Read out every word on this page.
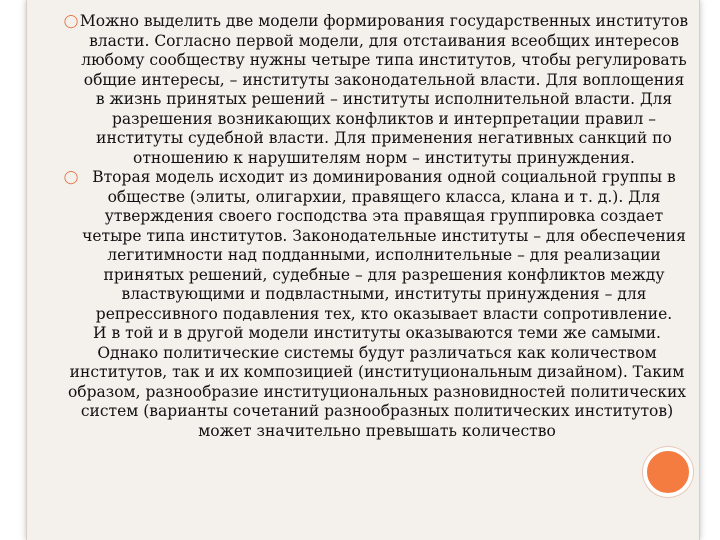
◯ Можно выделить две модели формирования государственных институтов власти. Согласно первой модели, для отстаивания всеобщих интересов любому сообществу нужны четыре типа институтов, чтобы регулировать общие интересы, – институты законодательной власти. Для воплощения в жизнь принятых решений – институты исполнительной власти. Для разрешения возникающих конфликтов и интерпретации правил – институты судебной власти. Для применения негативных санкций по отношению к нарушителям норм – институты принуждения.

◯ Вторая модель исходит из доминирования одной социальной группы в обществе (элиты, олигархии, правящего класса, клана и т. д.). Для утверждения своего господства эта правящая группировка создает четыре типа институтов. Законодательные институты – для обеспечения легитимности над подданными, исполнительные – для реализации принятых решений, судебные – для разрешения конфликтов между властвующими и подвластными, институты принуждения – для репрессивного подавления тех, кто оказывает власти сопротивление.

И в той и в другой модели институты оказываются теми же самыми. Однако политические системы будут различаться как количеством институтов, так и их композицией (институциональным дизайном). Таким образом, разнообразие институциональных разновидностей политических систем (варианты сочетаний разнообразных политических институтов) может значительно превышать количество
